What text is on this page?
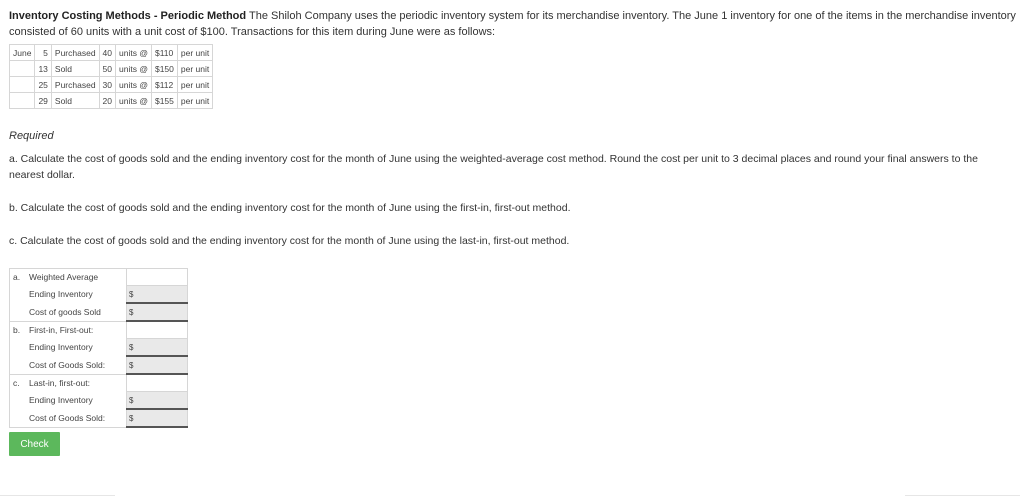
Inventory Costing Methods - Periodic Method The Shiloh Company uses the periodic inventory system for its merchandise inventory. The June 1 inventory for one of the items in the merchandise inventory consisted of 60 units with a unit cost of $100. Transactions for this item during June were as follows:
June	5	Purchased	40	units @	$110	per unit
	13	Sold	50	units @	$150	per unit
	25	Purchased	30	units @	$112	per unit
	29	Sold	20	units @	$155	per unit
Required
a. Calculate the cost of goods sold and the ending inventory cost for the month of June using the weighted-average cost method. Round the cost per unit to 3 decimal places and round your final answers to the nearest dollar.
b. Calculate the cost of goods sold and the ending inventory cost for the month of June using the first-in, first-out method.
c. Calculate the cost of goods sold and the ending inventory cost for the month of June using the last-in, first-out method.
a.	Weighted Average	
	Ending Inventory	$
	Cost of goods Sold	$
b.	First-in, First-out:	
	Ending Inventory	$
	Cost of Goods Sold:	$
c.	Last-in, first-out:	
	Ending Inventory	$
	Cost of Goods Sold:	$
Check
